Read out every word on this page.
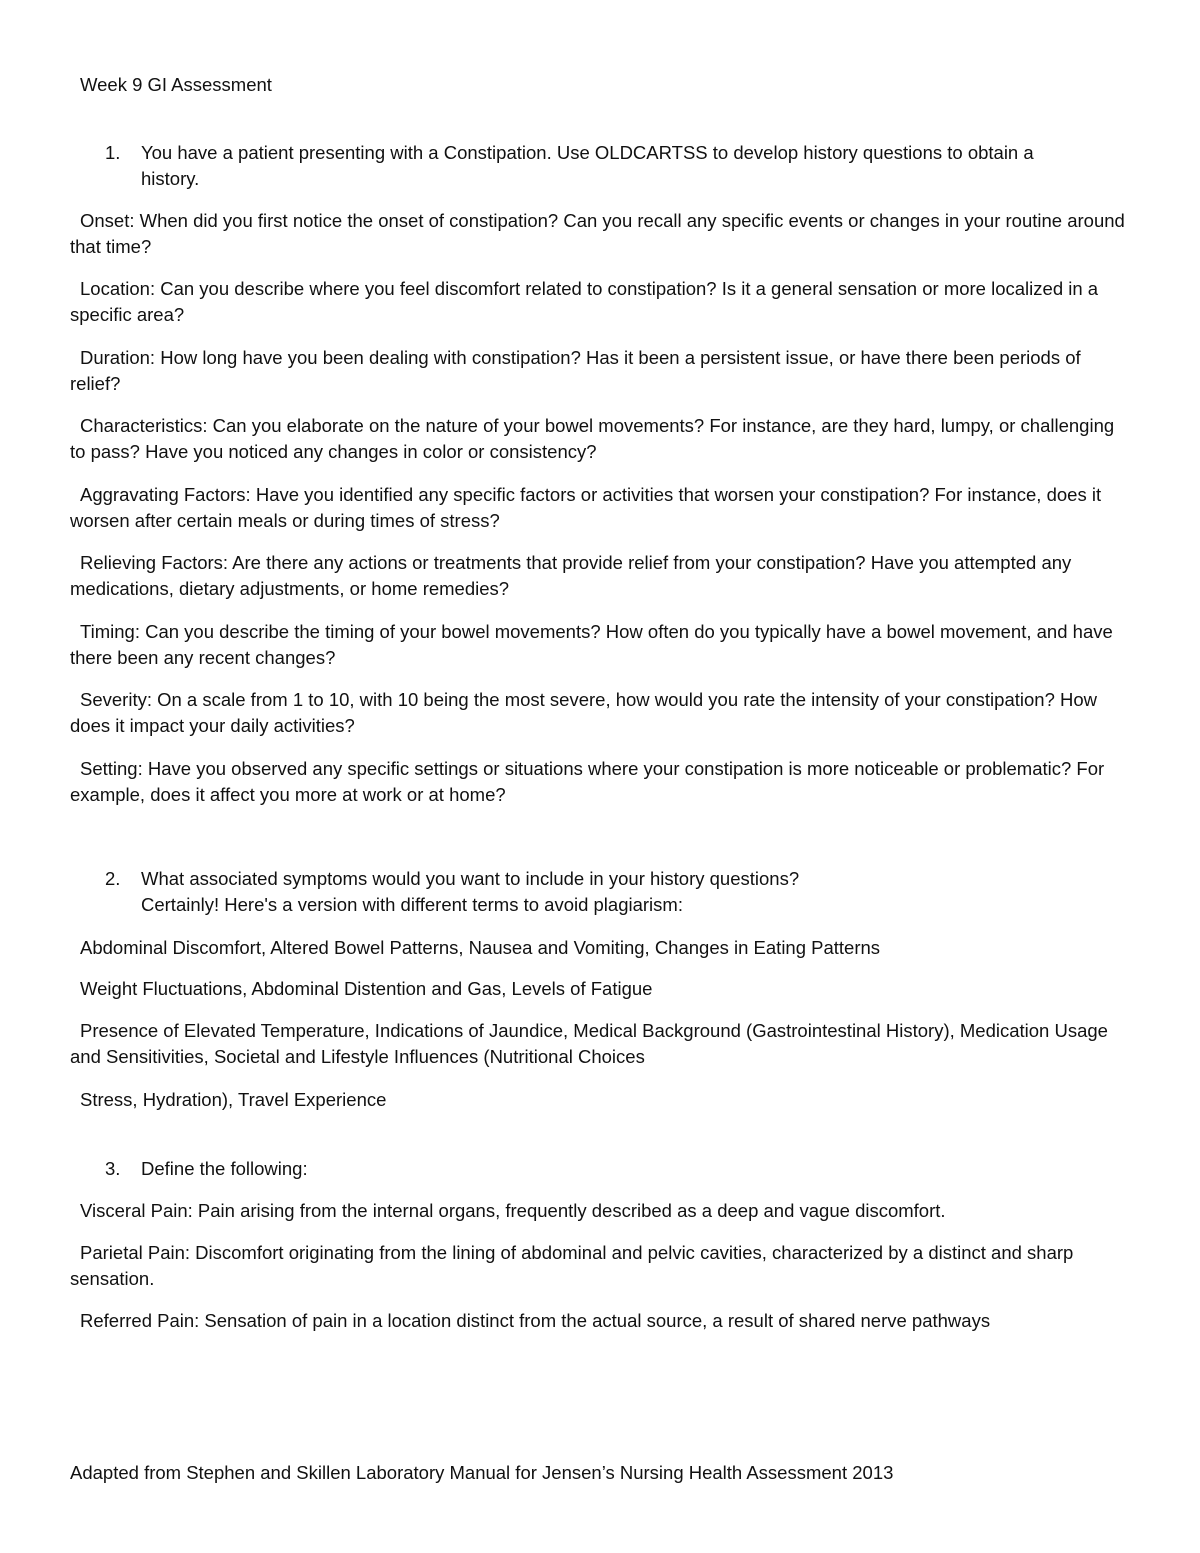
Week 9 GI Assessment
1. You have a patient presenting with a Constipation. Use OLDCARTSS to develop history questions to obtain a history.

Onset: When did you first notice the onset of constipation? Can you recall any specific events or changes in your routine around that time?

Location: Can you describe where you feel discomfort related to constipation? Is it a general sensation or more localized in a specific area?

Duration: How long have you been dealing with constipation? Has it been a persistent issue, or have there been periods of relief?

Characteristics: Can you elaborate on the nature of your bowel movements? For instance, are they hard, lumpy, or challenging to pass? Have you noticed any changes in color or consistency?

Aggravating Factors: Have you identified any specific factors or activities that worsen your constipation? For instance, does it worsen after certain meals or during times of stress?

Relieving Factors: Are there any actions or treatments that provide relief from your constipation? Have you attempted any medications, dietary adjustments, or home remedies?

Timing: Can you describe the timing of your bowel movements? How often do you typically have a bowel movement, and have there been any recent changes?

Severity: On a scale from 1 to 10, with 10 being the most severe, how would you rate the intensity of your constipation? How does it impact your daily activities?

Setting: Have you observed any specific settings or situations where your constipation is more noticeable or problematic? For example, does it affect you more at work or at home?

2. What associated symptoms would you want to include in your history questions?
Certainly! Here's a version with different terms to avoid plagiarism:

Abdominal Discomfort, Altered Bowel Patterns, Nausea and Vomiting, Changes in Eating Patterns

Weight Fluctuations, Abdominal Distention and Gas, Levels of Fatigue

Presence of Elevated Temperature, Indications of Jaundice, Medical Background (Gastrointestinal History), Medication Usage and Sensitivities, Societal and Lifestyle Influences (Nutritional Choices

Stress, Hydration), Travel Experience

3. Define the following:

Visceral Pain: Pain arising from the internal organs, frequently described as a deep and vague discomfort.

Parietal Pain: Discomfort originating from the lining of abdominal and pelvic cavities, characterized by a distinct and sharp sensation.

Referred Pain: Sensation of pain in a location distinct from the actual source, a result of shared nerve pathways

Adapted from Stephen and Skillen Laboratory Manual for Jensen’s Nursing Health Assessment 2013
